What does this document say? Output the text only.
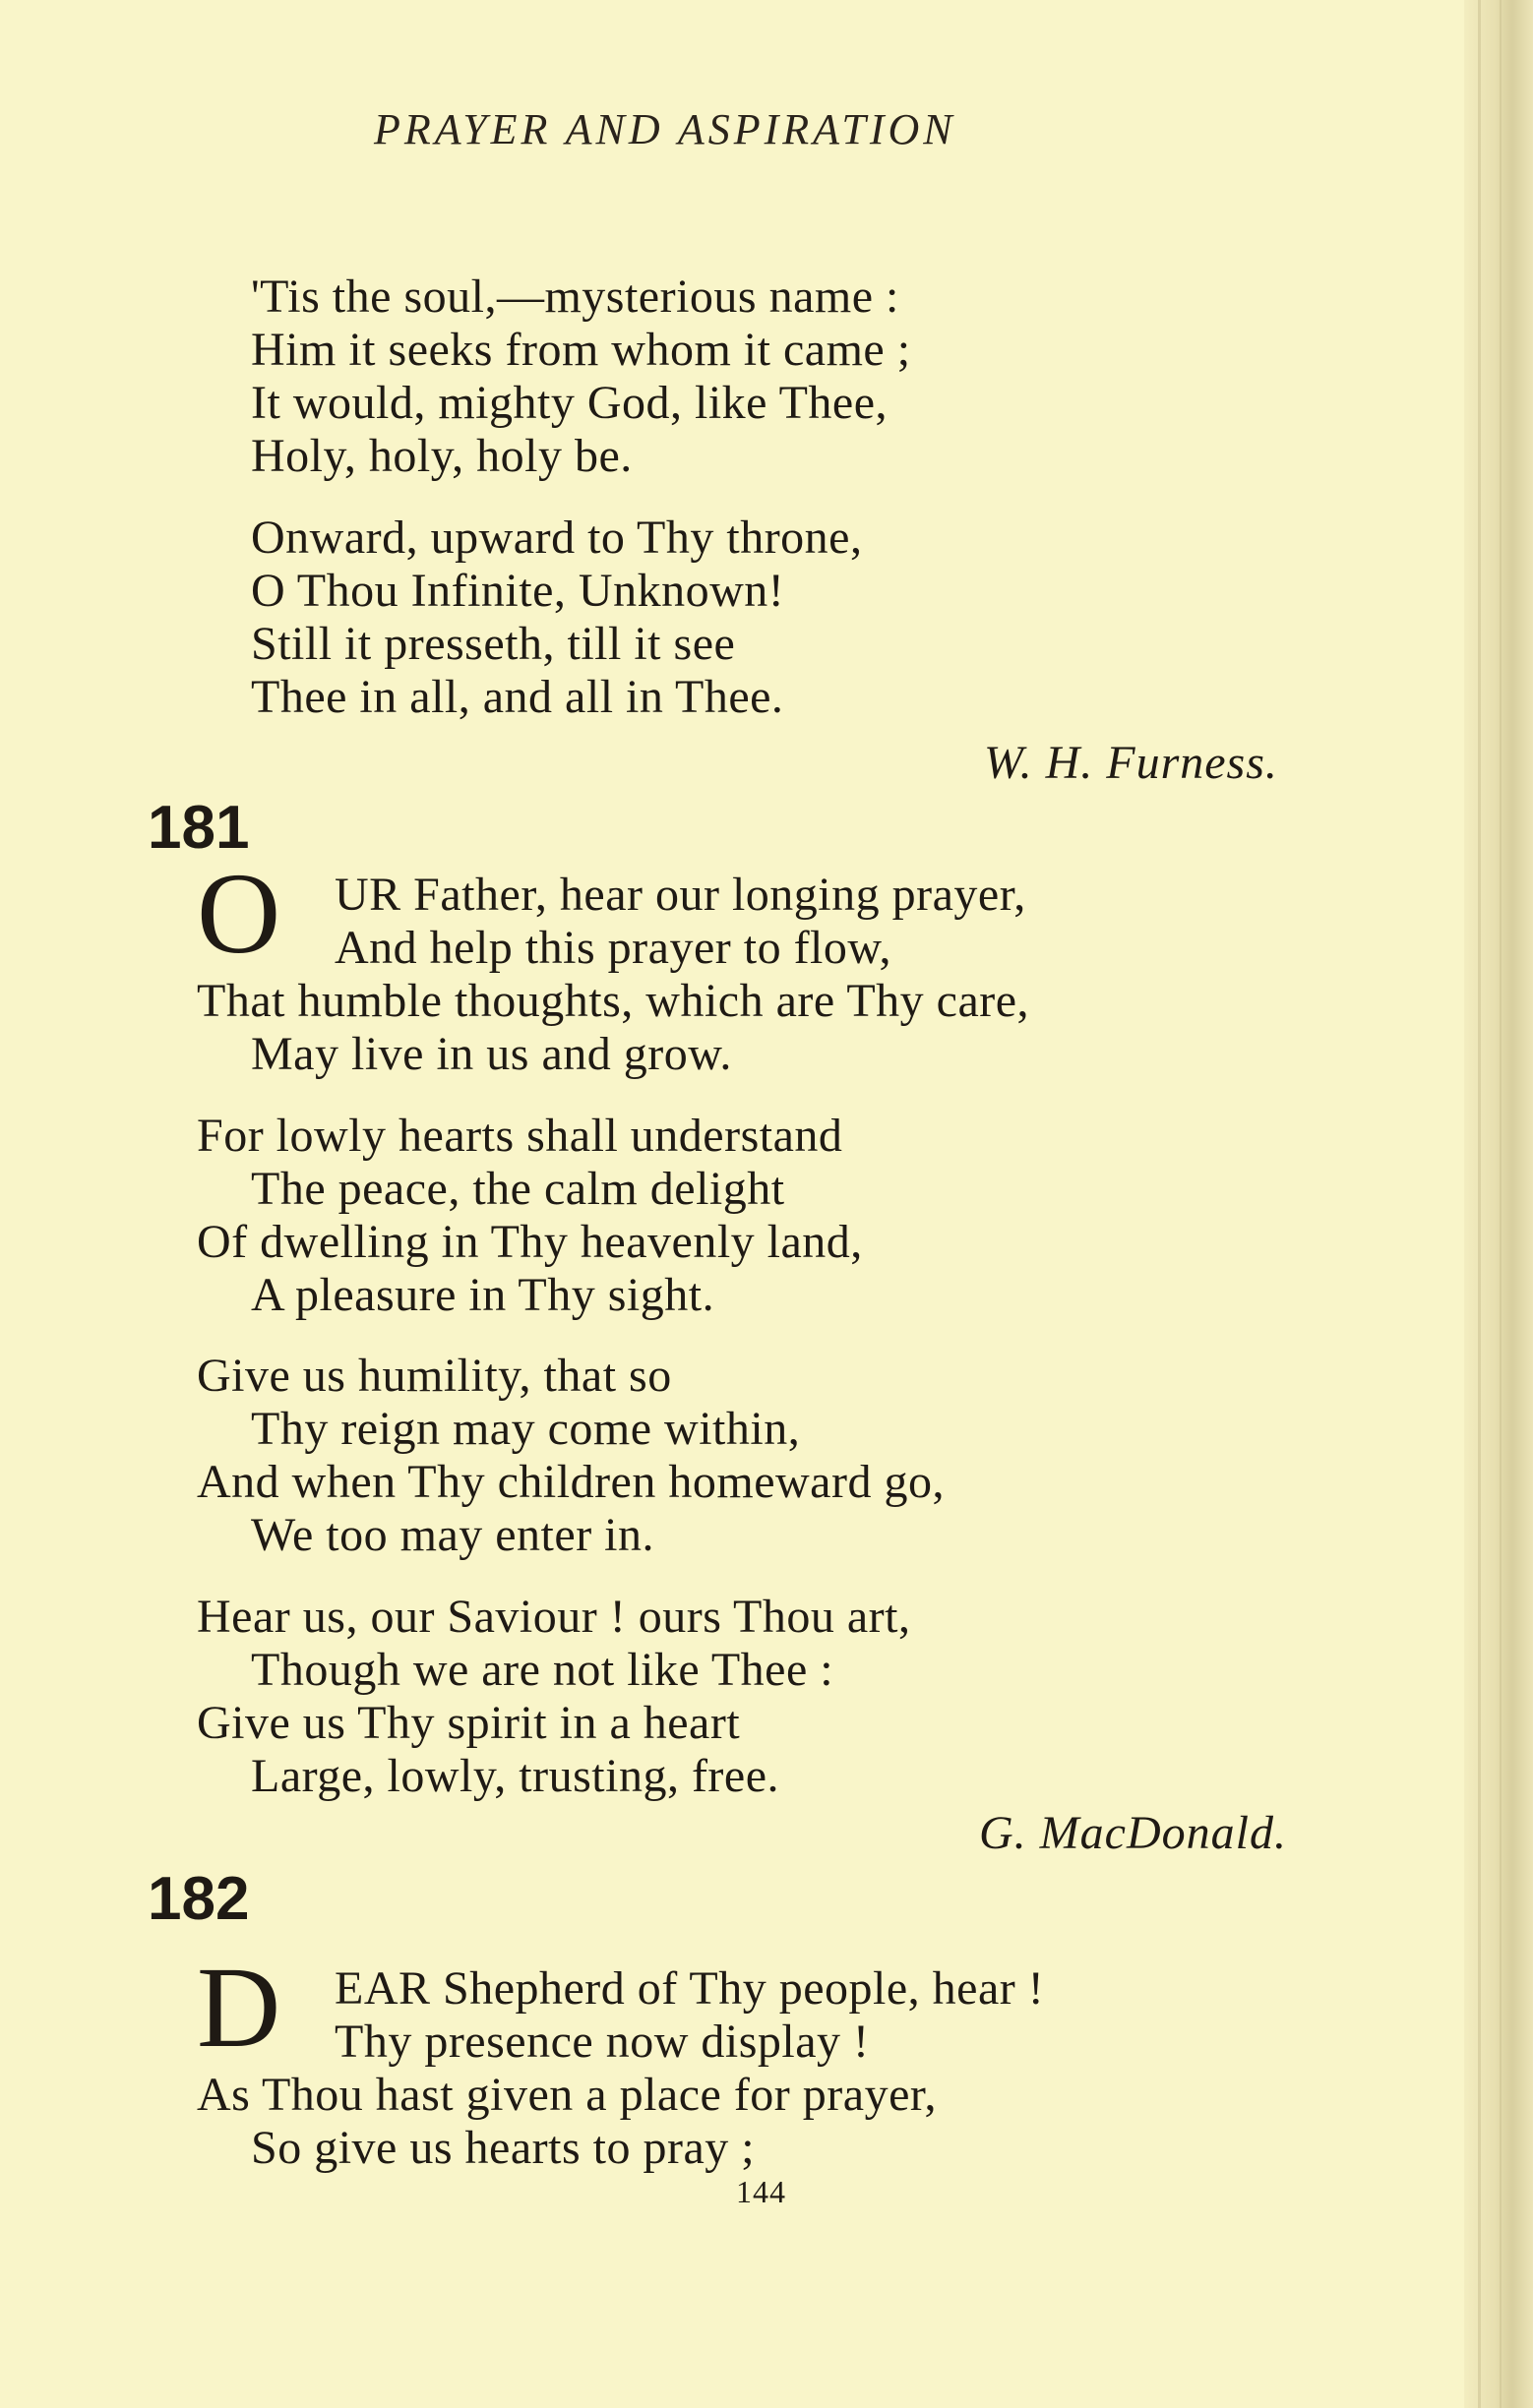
PRAYER AND ASPIRATION
'Tis the soul,—mysterious name :
Him it seeks from whom it came ;
It would, mighty God, like Thee,
Holy, holy, holy be.
Onward, upward to Thy throne,
O Thou Infinite, Unknown!
Still it presseth, till it see
Thee in all, and all in Thee.
W. H. Furness.
181
O UR Father, hear our longing prayer,
And help this prayer to flow,
That humble thoughts, which are Thy care,
May live in us and grow.
For lowly hearts shall understand
The peace, the calm delight
Of dwelling in Thy heavenly land,
A pleasure in Thy sight.
Give us humility, that so
Thy reign may come within,
And when Thy children homeward go,
We too may enter in.
Hear us, our Saviour ! ours Thou art,
Though we are not like Thee :
Give us Thy spirit in a heart
Large, lowly, trusting, free.
G. MacDonald.
182
D EAR Shepherd of Thy people, hear !
Thy presence now display !
As Thou hast given a place for prayer,
So give us hearts to pray ;
144
